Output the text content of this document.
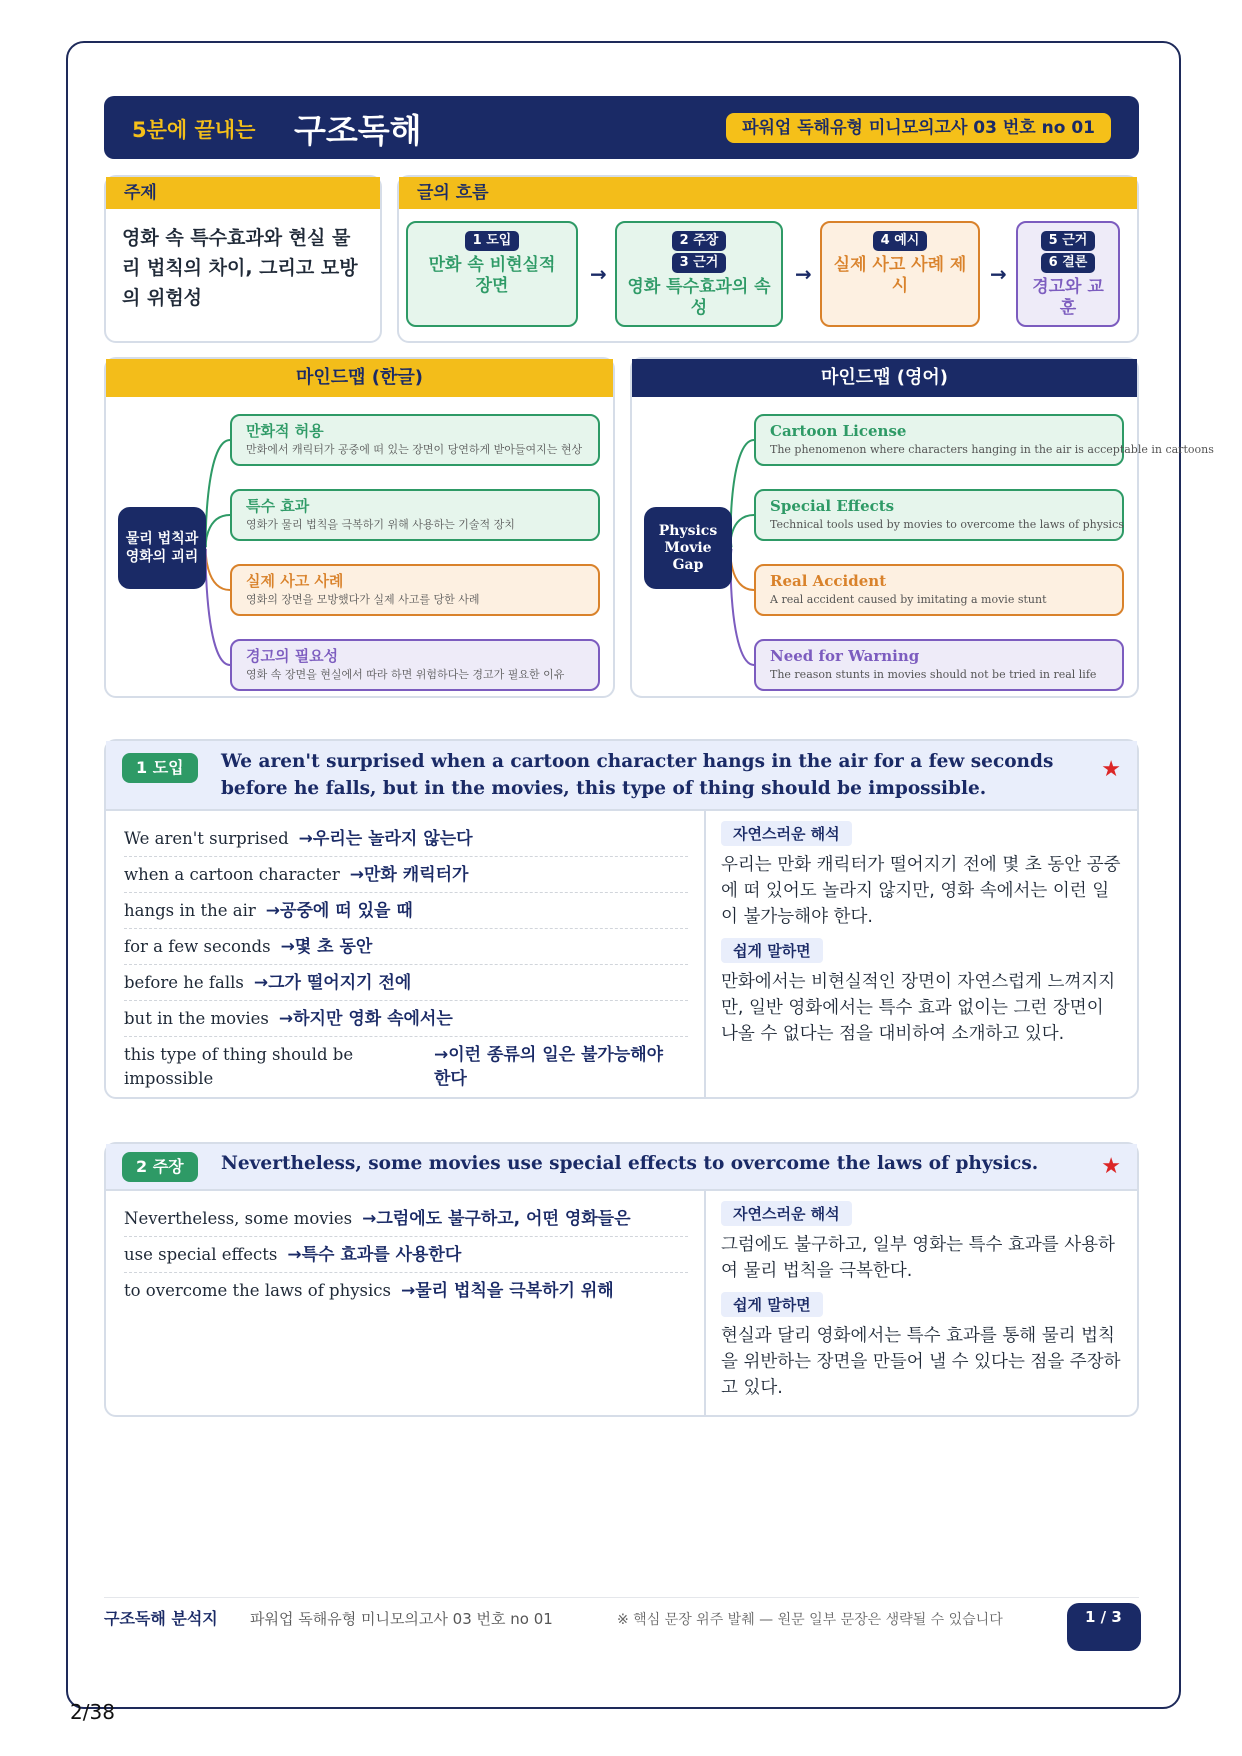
5분에 끝내는 구조독해	파워업 독해유형 미니모의고사 03 번호 no 01
주제
영화 속 특수효과와 현실 물리 법칙의 차이, 그리고 모방의 위험성
글의 흐름
1 도입
만화 속 비현실적 장면
2 주장
3 근거
영화 특수효과의 속성
4 예시
실제 사고 사례 제시
5 근거
6 결론
경고와 교훈
→	→	→
마인드맵 (한글)
물리 법칙과 영화의 괴리
만화적 허용
만화에서 캐릭터가 공중에 떠 있는 장면이 당연하게 받아들여지는 현상
특수 효과
영화가 물리 법칙을 극복하기 위해 사용하는 기술적 장치
실제 사고 사례
영화의 장면을 모방했다가 실제 사고를 당한 사례
경고의 필요성
영화 속 장면을 현실에서 따라 하면 위험하다는 경고가 필요한 이유
마인드맵 (영어)
Physics Movie Gap
Cartoon License
The phenomenon where characters hanging in the air is acceptable in cartoons
Special Effects
Technical tools used by movies to overcome the laws of physics
Real Accident
A real accident caused by imitating a movie stunt
Need for Warning
The reason stunts in movies should not be tried in real life
1 도입	We aren't surprised when a cartoon character hangs in the air for a few seconds before he falls, but in the movies, this type of thing should be impossible.
★
We aren't surprised →우리는 놀라지 않는다
when a cartoon character →만화 캐릭터가
hangs in the air →공중에 떠 있을 때
for a few seconds →몇 초 동안
before he falls →그가 떨어지기 전에
but in the movies →하지만 영화 속에서는
this type of thing should be impossible
→이런 종류의 일은 불가능해야 한다
자연스러운 해석
우리는 만화 캐릭터가 떨어지기 전에 몇 초 동안 공중에 떠 있어도 놀라지 않지만, 영화 속에서는 이런 일이 불가능해야 한다.
쉽게 말하면
만화에서는 비현실적인 장면이 자연스럽게 느껴지지만, 일반 영화에서는 특수 효과 없이는 그런 장면이 나올 수 없다는 점을 대비하여 소개하고 있다.
2 주장	Nevertheless, some movies use special effects to overcome the laws of physics.	★
Nevertheless, some movies →그럼에도 불구하고, 어떤 영화들은
use special effects →특수 효과를 사용한다
to overcome the laws of physics →물리 법칙을 극복하기 위해
자연스러운 해석
그럼에도 불구하고, 일부 영화는 특수 효과를 사용하여 물리 법칙을 극복한다.
쉽게 말하면
현실과 달리 영화에서는 특수 효과를 통해 물리 법칙을 위반하는 장면을 만들어 낼 수 있다는 점을 주장하고 있다.
구조독해 분석지	파워업 독해유형 미니모의고사 03 번호 no 01	※ 핵심 문장 위주 발췌 — 원문 일부 문장은 생략될 수 있습니다	1 / 3
2/38
